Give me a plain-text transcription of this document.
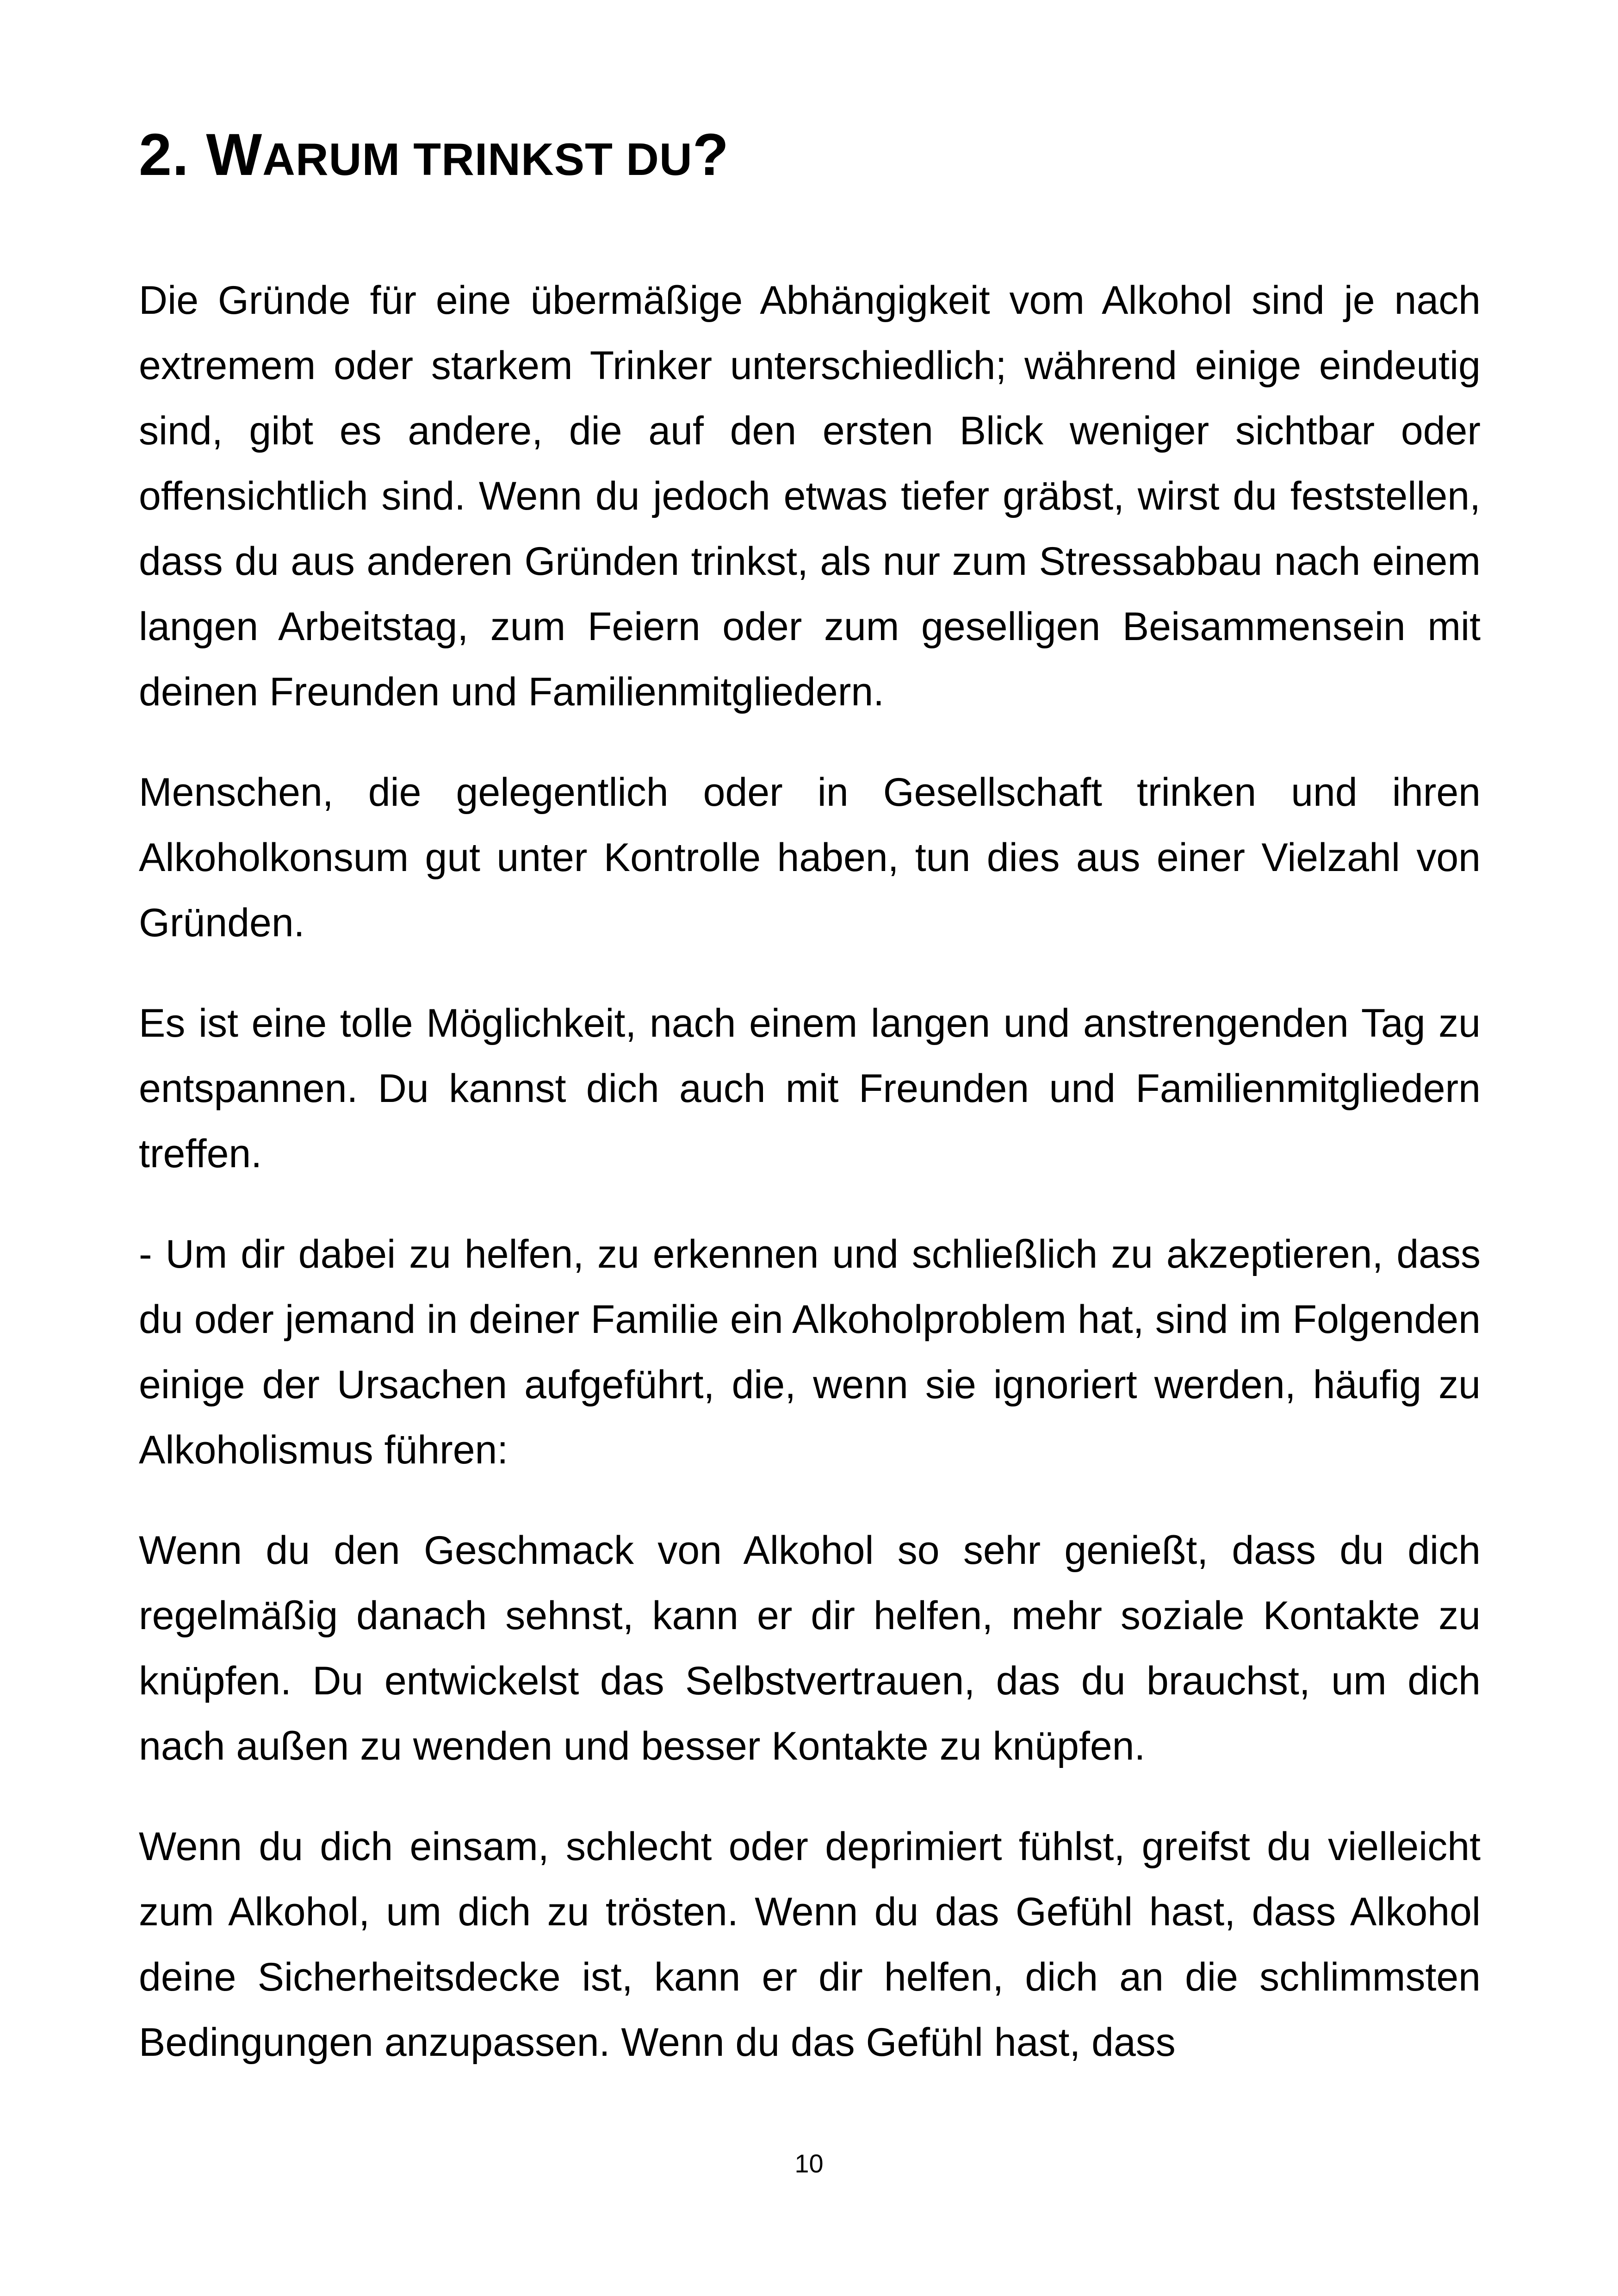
2. WARUM TRINKST DU?

Die Gründe für eine übermäßige Abhängigkeit vom Alkohol sind je nach extremem oder starkem Trinker unterschiedlich; während einige eindeutig sind, gibt es andere, die auf den ersten Blick weniger sichtbar oder offensichtlich sind. Wenn du jedoch etwas tiefer gräbst, wirst du feststellen, dass du aus anderen Gründen trinkst, als nur zum Stressabbau nach einem langen Arbeitstag, zum Feiern oder zum geselligen Beisammensein mit deinen Freunden und Familienmitgliedern.

Menschen, die gelegentlich oder in Gesellschaft trinken und ihren Alkoholkonsum gut unter Kontrolle haben, tun dies aus einer Vielzahl von Gründen.

Es ist eine tolle Möglichkeit, nach einem langen und anstrengenden Tag zu entspannen. Du kannst dich auch mit Freunden und Familienmitgliedern treffen.

- Um dir dabei zu helfen, zu erkennen und schließlich zu akzeptieren, dass du oder jemand in deiner Familie ein Alkoholproblem hat, sind im Folgenden einige der Ursachen aufgeführt, die, wenn sie ignoriert werden, häufig zu Alkoholismus führen:

Wenn du den Geschmack von Alkohol so sehr genießt, dass du dich regelmäßig danach sehnst, kann er dir helfen, mehr soziale Kontakte zu knüpfen. Du entwickelst das Selbstvertrauen, das du brauchst, um dich nach außen zu wenden und besser Kontakte zu knüpfen.

Wenn du dich einsam, schlecht oder deprimiert fühlst, greifst du vielleicht zum Alkohol, um dich zu trösten. Wenn du das Gefühl hast, dass Alkohol deine Sicherheitsdecke ist, kann er dir helfen, dich an die schlimmsten Bedingungen anzupassen. Wenn du das Gefühl hast, dass

10
